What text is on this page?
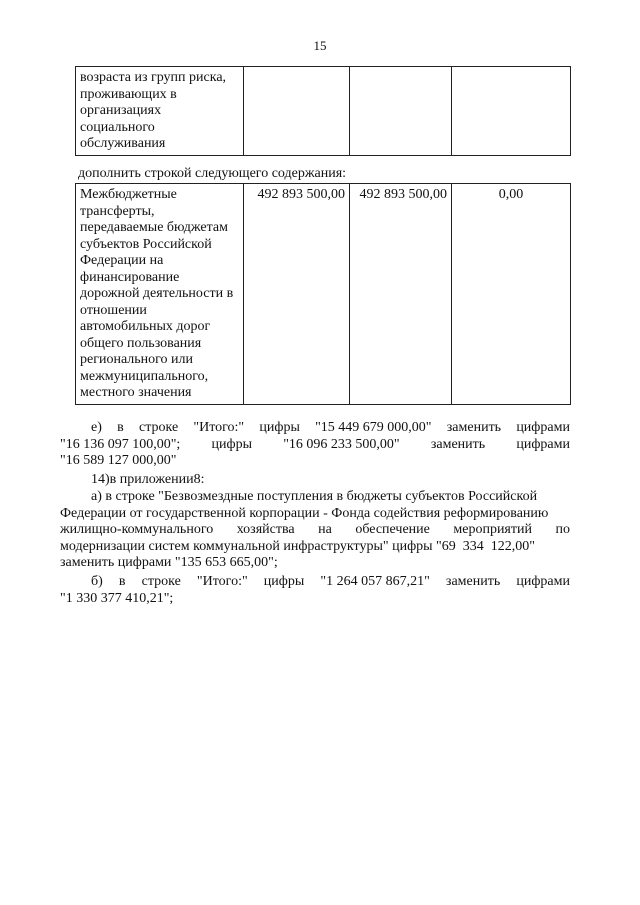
15
возраста из групп риска, проживающих в организациях социального обслуживания			
дополнить строкой следующего содержания:
Межбюджетные трансферты, передаваемые бюджетам субъектов Российской Федерации на финансирование дорожной деятельности в отношении автомобильных дорог общего пользования регионального или межмуниципального, местного значения	492 893 500,00	492 893 500,00	0,00
е) в строке "Итого:" цифры "15 449 679 000,00" заменить цифрами
"16 136 097 100,00"; цифры "16 096 233 500,00" заменить цифрами
"16 589 127 000,00"

14)в приложении8:

а) в строке "Безвозмездные поступления в бюджеты субъектов Российской
Федерации от государственной корпорации - Фонда содействия реформированию
жилищно-коммунального хозяйства на обеспечение мероприятий по
модернизации систем коммунальной инфраструктуры" цифры "69  334  122,00"
заменить цифрами "135 653 665,00";
б) в строке "Итого:" цифры "1 264 057 867,21" заменить цифрами
"1 330 377 410,21";
